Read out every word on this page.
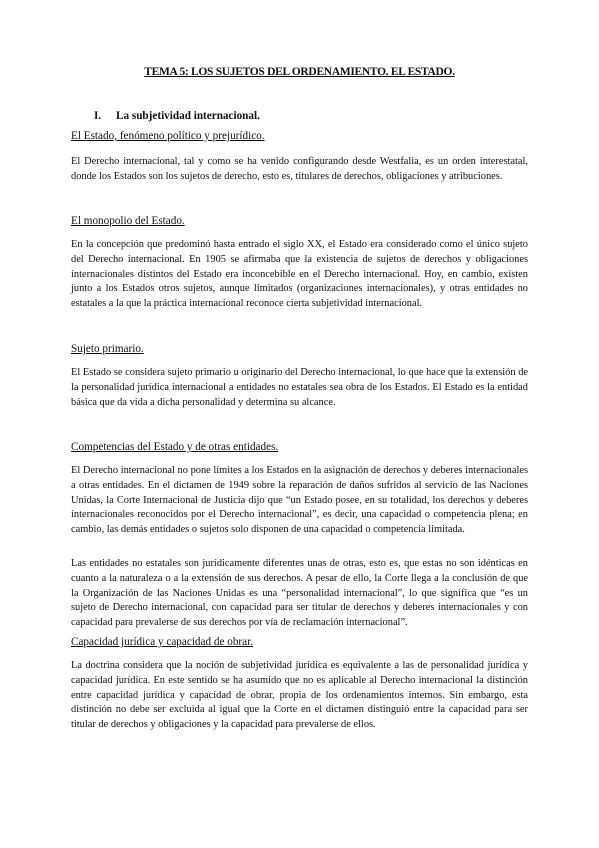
TEMA 5: LOS SUJETOS DEL ORDENAMIENTO. EL ESTADO.
I. La subjetividad internacional.
El Estado, fenómeno político y prejurídico.
El Derecho internacional, tal y como se ha venido configurando desde Westfalia, es un orden interestatal, donde los Estados son los sujetos de derecho, esto es, titulares de derechos, obligaciones y atribuciones.
El monopolio del Estado.
En la concepción que predominó hasta entrado el siglo XX, el Estado era considerado como el único sujeto del Derecho internacional. En 1905 se afirmaba que la existencia de sujetos de derechos y obligaciones internacionales distintos del Estado era inconcebible en el Derecho internacional. Hoy, en cambio, existen junto a los Estados otros sujetos, aunque limitados (organizaciones internacionales), y otras entidades no estatales a la que la práctica internacional reconoce cierta subjetividad internacional.
Sujeto primario.
El Estado se considera sujeto primario u originario del Derecho internacional, lo que hace que la extensión de la personalidad jurídica internacional a entidades no estatales sea obra de los Estados. El Estado es la entidad básica que da vida a dicha personalidad y determina su alcance.
Competencias del Estado y de otras entidades.
El Derecho internacional no pone límites a los Estados en la asignación de derechos y deberes internacionales a otras entidades. En el dictamen de 1949 sobre la reparación de daños sufridos al servicio de las Naciones Unidas, la Corte Internacional de Justicia dijo que “un Estado posee, en su totalidad, los derechos y deberes internacionales reconocidos por el Derecho internacional”, es decir, una capacidad o competencia plena; en cambio, las demás entidades o sujetos solo disponen de una capacidad o competencia limitada.
Las entidades no estatales son jurídicamente diferentes unas de otras, esto es, que estas no son idénticas en cuanto a la naturaleza o a la extensión de sus derechos. A pesar de ello, la Corte llega a la conclusión de que la Organización de las Naciones Unidas es una “personalidad internacional”, lo que significa que “es un sujeto de Derecho internacional, con capacidad para ser titular de derechos y deberes internacionales y con capacidad para prevalerse de sus derechos por vía de reclamación internacional”.
Capacidad jurídica y capacidad de obrar.
La doctrina considera que la noción de subjetividad jurídica es equivalente a las de personalidad jurídica y capacidad jurídica. En este sentido se ha asumido que no es aplicable al Derecho internacional la distinción entre capacidad jurídica y capacidad de obrar, propia de los ordenamientos internos. Sin embargo, esta distinción no debe ser excluida al igual que la Corte en el dictamen distinguió entre la capacidad para ser titular de derechos y obligaciones y la capacidad para prevalerse de ellos.
